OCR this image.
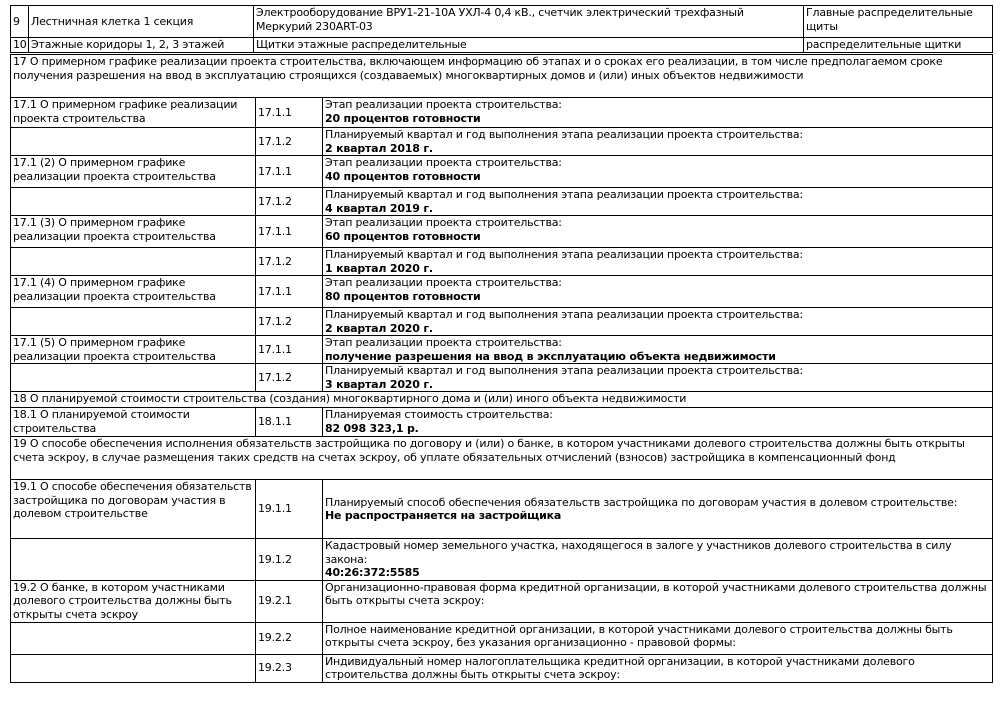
9	Лестничная клетка 1 секция	Электрооборудование ВРУ1-21-10А УХЛ-4 0,4 кВ., счетчик электрический трехфазный Меркурий 230ART-03	Главные распределительные щиты
10	Этажные коридоры 1, 2, 3 этажей	Щитки этажные распределительные	распределительные щитки
17 О примерном графике реализации проекта строительства, включающем информацию об этапах и о сроках его реализации, в том числе предполагаемом сроке получения разрешения на ввод в эксплуатацию строящихся (создаваемых) многоквартирных домов и (или) иных объектов недвижимости		
17.1 О примерном графике реализации проекта строительства	17.1.1	Этап реализации проекта строительства:
20 процентов готовности
	17.1.2	Планируемый квартал и год выполнения этапа реализации проекта строительства:
2 квартал 2018 г.
17.1 (2) О примерном графике реализации проекта строительства	17.1.1	Этап реализации проекта строительства:
40 процентов готовности
	17.1.2	Планируемый квартал и год выполнения этапа реализации проекта строительства:
4 квартал 2019 г.
17.1 (3) О примерном графике реализации проекта строительства	17.1.1	Этап реализации проекта строительства:
60 процентов готовности
	17.1.2	Планируемый квартал и год выполнения этапа реализации проекта строительства:
1 квартал 2020 г.
17.1 (4) О примерном графике реализации проекта строительства	17.1.1	Этап реализации проекта строительства:
80 процентов готовности
	17.1.2	Планируемый квартал и год выполнения этапа реализации проекта строительства:
2 квартал 2020 г.
17.1 (5) О примерном графике реализации проекта строительства	17.1.1	Этап реализации проекта строительства:
получение разрешения на ввод в эксплуатацию объекта недвижимости
	17.1.2	Планируемый квартал и год выполнения этапа реализации проекта строительства:
3 квартал 2020 г.
18 О планируемой стоимости строительства (создания) многоквартирного дома и (или) иного объекта недвижимости		
18.1 О планируемой стоимости строительства	18.1.1	Планируемая стоимость строительства:
82 098 323,1 р.
19 О способе обеспечения исполнения обязательств застройщика по договору и (или) о банке, в котором участниками долевого строительства должны быть открыты счета эскроу, в случае размещения таких средств на счетах эскроу, об уплате обязательных отчислений (взносов) застройщика в компенсационный фонд		
19.1 О способе обеспечения обязательств застройщика по договорам участия в долевом строительстве	19.1.1	Планируемый способ обеспечения обязательств застройщика по договорам участия в долевом строительстве:
Не распространяется на застройщика
	19.1.2	Кадастровый номер земельного участка, находящегося в залоге у участников долевого строительства в силу закона:
40:26:372:5585
19.2 О банке, в котором участниками долевого строительства должны быть открыты счета эскроу	19.2.1	Организационно-правовая форма кредитной организации, в которой участниками долевого строительства должны быть открыты счета эскроу:

	19.2.2	Полное наименование кредитной организации, в которой участниками долевого строительства должны быть открыты счета эскроу, без указания организационно - правовой формы:

	19.2.3	Индивидуальный номер налогоплательщика кредитной организации, в которой участниками долевого строительства должны быть открыты счета эскроу:
